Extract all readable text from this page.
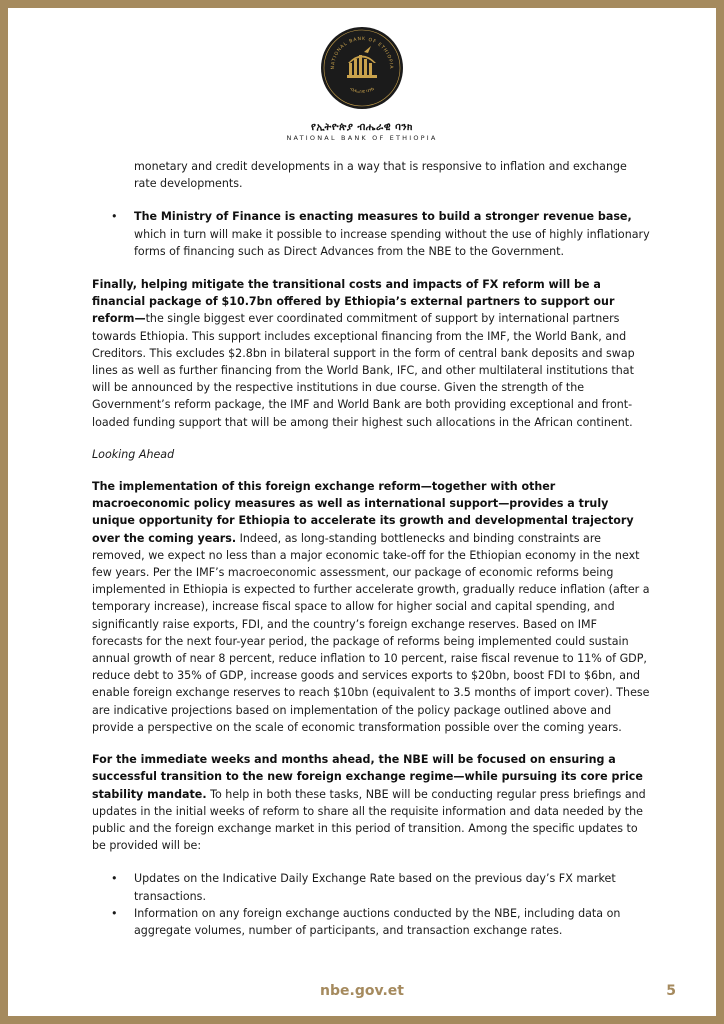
NATIONAL BANK OF ETHIOPIA
ብሔራዊ ባንክ
የኢትዮጵያ ብሔራዊ ባንክ
NATIONAL BANK OF ETHIOPIA

monetary and credit developments in a way that is responsive to inflation and exchange rate developments.

• The Ministry of Finance is enacting measures to build a stronger revenue base, which in turn will make it possible to increase spending without the use of highly inflationary forms of financing such as Direct Advances from the NBE to the Government.

Finally, helping mitigate the transitional costs and impacts of FX reform will be a financial package of $10.7bn offered by Ethiopia’s external partners to support our reform—the single biggest ever coordinated commitment of support by international partners towards Ethiopia. This support includes exceptional financing from the IMF, the World Bank, and Creditors. This excludes $2.8bn in bilateral support in the form of central bank deposits and swap lines as well as further financing from the World Bank, IFC, and other multilateral institutions that will be announced by the respective institutions in due course. Given the strength of the Government’s reform package, the IMF and World Bank are both providing exceptional and front-loaded funding support that will be among their highest such allocations in the African continent.

Looking Ahead

The implementation of this foreign exchange reform—together with other macroeconomic policy measures as well as international support—provides a truly unique opportunity for Ethiopia to accelerate its growth and developmental trajectory over the coming years. Indeed, as long-standing bottlenecks and binding constraints are removed, we expect no less than a major economic take-off for the Ethiopian economy in the next few years. Per the IMF’s macroeconomic assessment, our package of economic reforms being implemented in Ethiopia is expected to further accelerate growth, gradually reduce inflation (after a temporary increase), increase fiscal space to allow for higher social and capital spending, and significantly raise exports, FDI, and the country’s foreign exchange reserves. Based on IMF forecasts for the next four-year period, the package of reforms being implemented could sustain annual growth of near 8 percent, reduce inflation to 10 percent, raise fiscal revenue to 11% of GDP, reduce debt to 35% of GDP, increase goods and services exports to $20bn, boost FDI to $6bn, and enable foreign exchange reserves to reach $10bn (equivalent to 3.5 months of import cover). These are indicative projections based on implementation of the policy package outlined above and provide a perspective on the scale of economic transformation possible over the coming years.

For the immediate weeks and months ahead, the NBE will be focused on ensuring a successful transition to the new foreign exchange regime—while pursuing its core price stability mandate. To help in both these tasks, NBE will be conducting regular press briefings and updates in the initial weeks of reform to share all the requisite information and data needed by the public and the foreign exchange market in this period of transition. Among the specific updates to be provided will be:

• Updates on the Indicative Daily Exchange Rate based on the previous day’s FX market transactions.
• Information on any foreign exchange auctions conducted by the NBE, including data on aggregate volumes, number of participants, and transaction exchange rates.
nbe.gov.et	5
